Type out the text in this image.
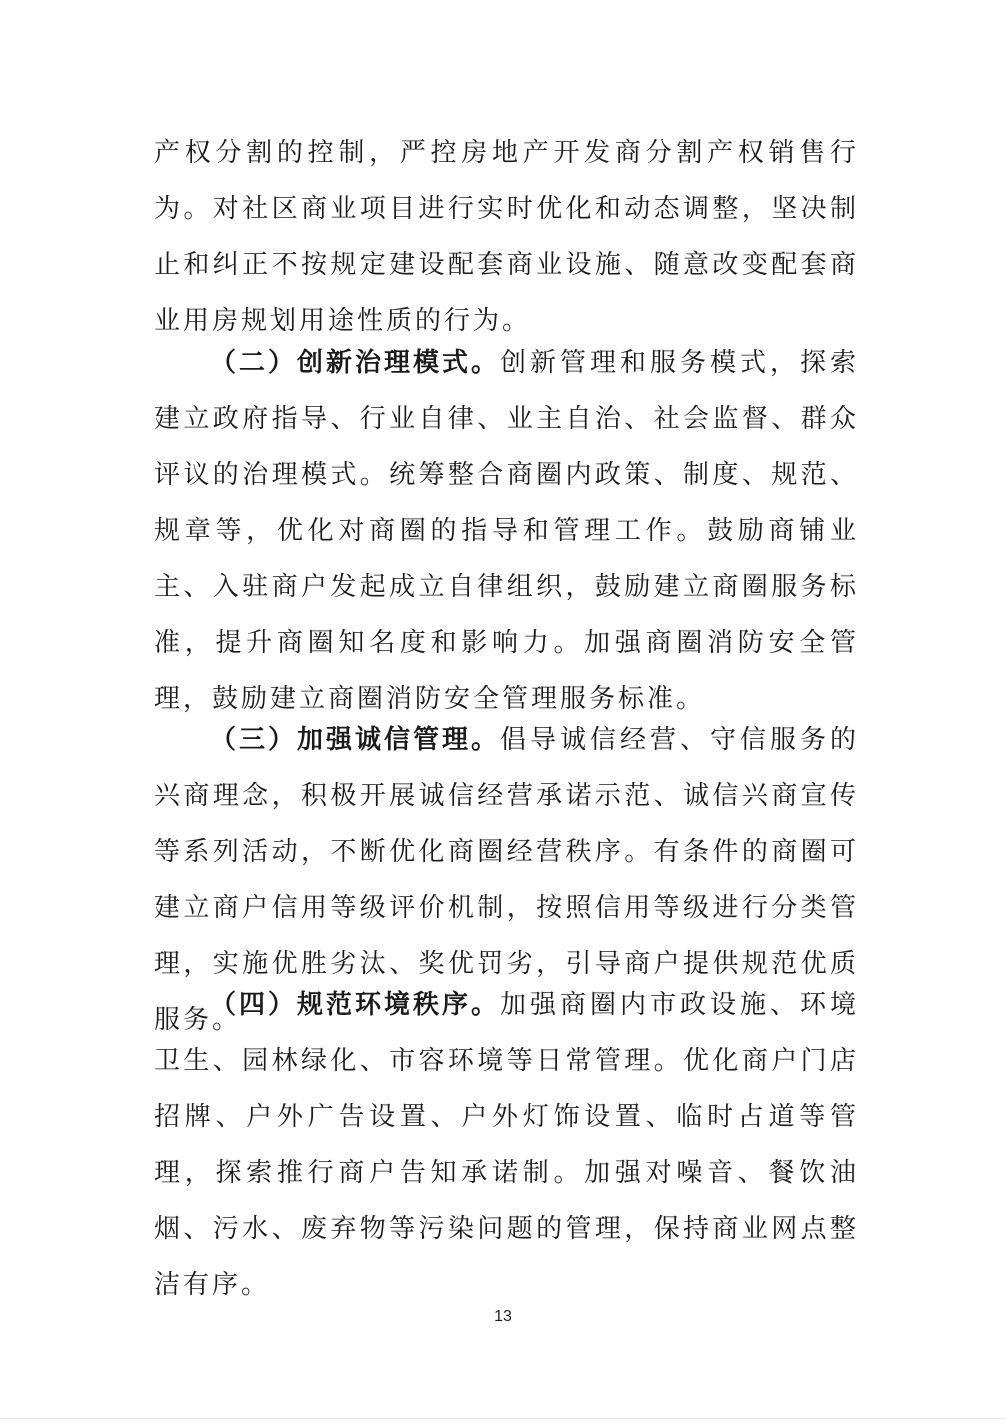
产权分割的控制，严控房地产开发商分割产权销售行为。对社区商业项目进行实时优化和动态调整，坚决制止和纠正不按规定建设配套商业设施、随意改变配套商业用房规划用途性质的行为。

（二）创新治理模式。创新管理和服务模式，探索建立政府指导、行业自律、业主自治、社会监督、群众评议的治理模式。统筹整合商圈内政策、制度、规范、规章等，优化对商圈的指导和管理工作。鼓励商铺业主、入驻商户发起成立自律组织，鼓励建立商圈服务标准，提升商圈知名度和影响力。加强商圈消防安全管理，鼓励建立商圈消防安全管理服务标准。

（三）加强诚信管理。倡导诚信经营、守信服务的兴商理念，积极开展诚信经营承诺示范、诚信兴商宣传等系列活动，不断优化商圈经营秩序。有条件的商圈可建立商户信用等级评价机制，按照信用等级进行分类管理，实施优胜劣汰、奖优罚劣，引导商户提供规范优质服务。

（四）规范环境秩序。加强商圈内市政设施、环境卫生、园林绿化、市容环境等日常管理。优化商户门店招牌、户外广告设置、户外灯饰设置、临时占道等管理，探索推行商户告知承诺制。加强对噪音、餐饮油烟、污水、废弃物等污染问题的管理，保持商业网点整洁有序。

13
